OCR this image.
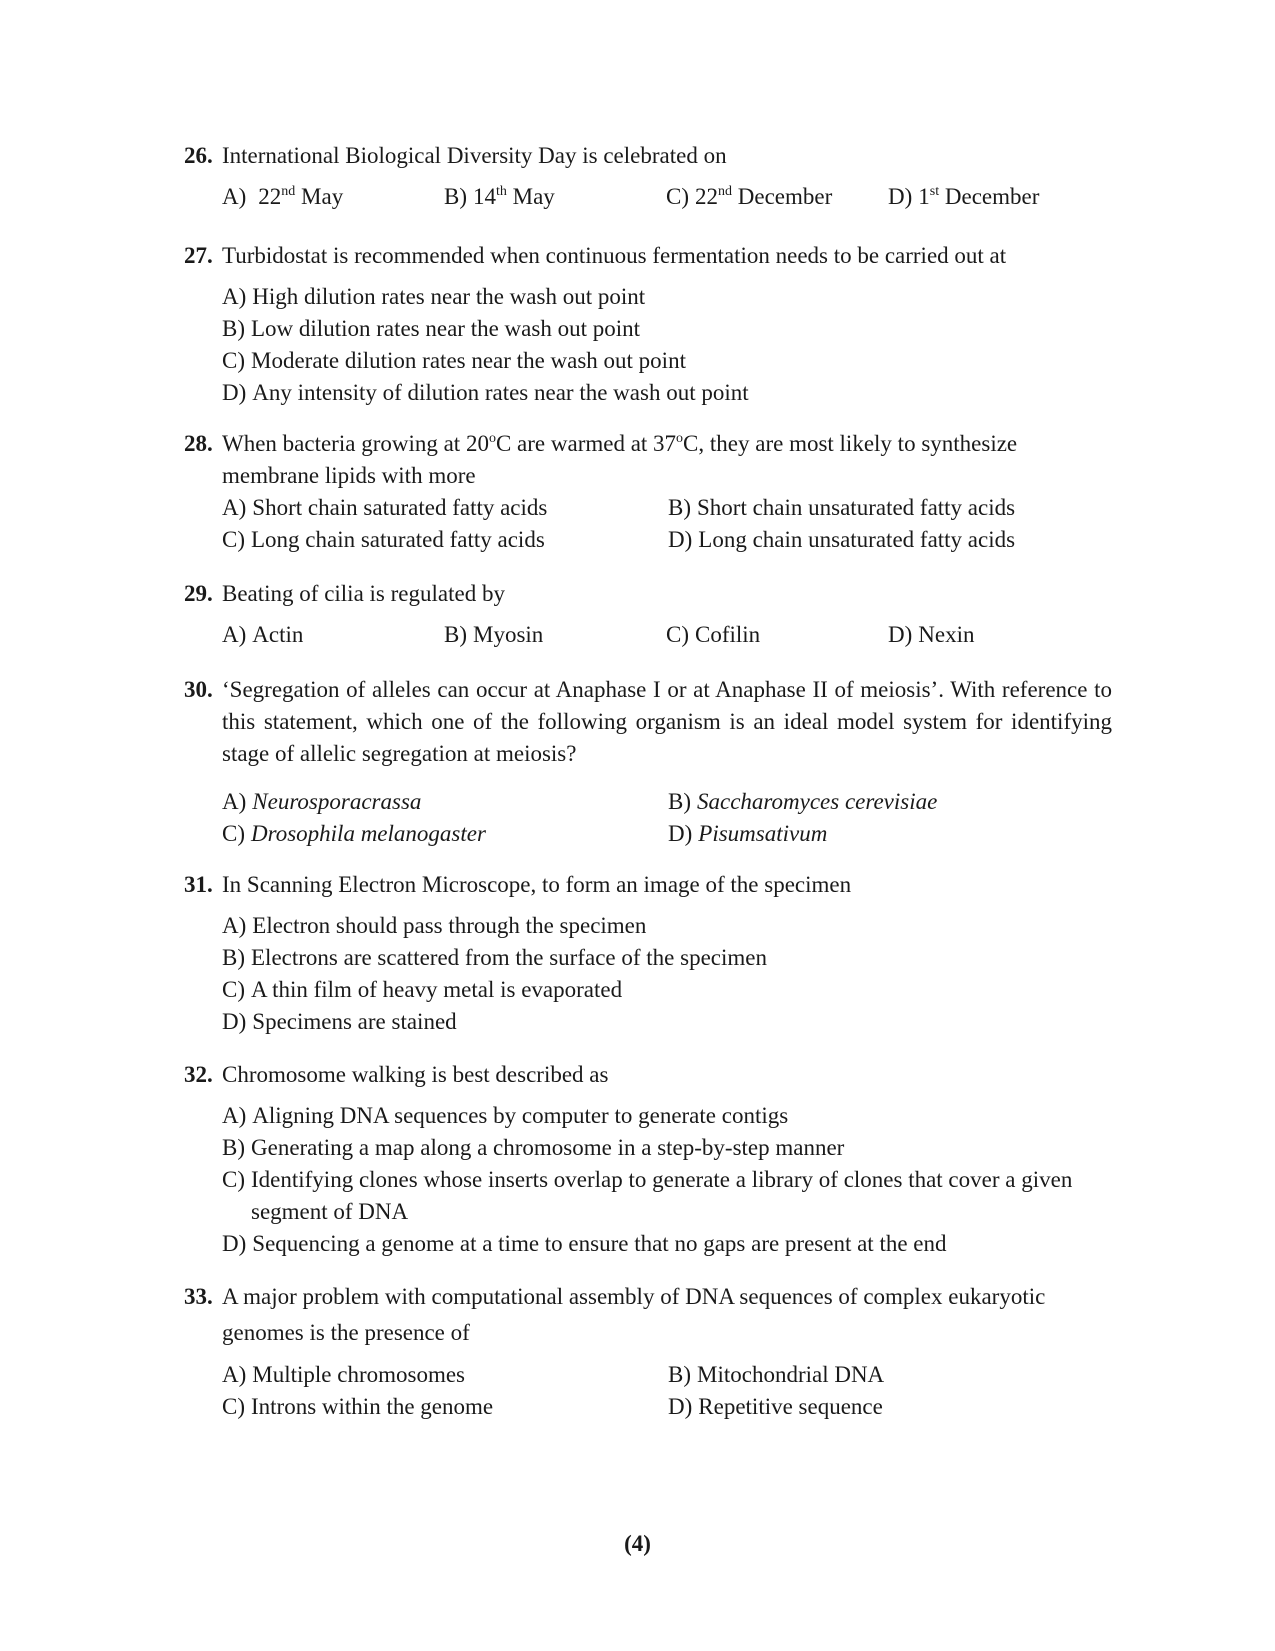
26. International Biological Diversity Day is celebrated on
A) 22nd May	B) 14th May	C) 22nd December D) 1st December
27. Turbidostat is recommended when continuous fermentation needs to be carried out at
A) High dilution rates near the wash out point
B) Low dilution rates near the wash out point
C) Moderate dilution rates near the wash out point
D) Any intensity of dilution rates near the wash out point
28. When bacteria growing at 20$^o$C are warmed at 37$^o$C, they are most likely to synthesize membrane lipids with more
A) Short chain saturated fatty acids	B) Short chain unsaturated fatty acids
C) Long chain saturated fatty acids	D) Long chain unsaturated fatty acids
29. Beating of cilia is regulated by
A) Actin	B) Myosin	C) Cofilin	D) Nexin
30. ‘Segregation of alleles can occur at Anaphase I or at Anaphase II of meiosis’. With reference to this statement, which one of the following organism is an ideal model system for identifying stage of allelic segregation at meiosis?
A) Neurosporacrassa	B) Saccharomyces cerevisiae
C) Drosophila melanogaster	D) Pisumsativum
31. In Scanning Electron Microscope, to form an image of the specimen
A) Electron should pass through the specimen
B) Electrons are scattered from the surface of the specimen
C) A thin film of heavy metal is evaporated
D) Specimens are stained
32. Chromosome walking is best described as
A) Aligning DNA sequences by computer to generate contigs
B) Generating a map along a chromosome in a step-by-step manner
C) Identifying clones whose inserts overlap to generate a library of clones that cover a given segment of DNA
D) Sequencing a genome at a time to ensure that no gaps are present at the end
33. A major problem with computational assembly of DNA sequences of complex eukaryotic
genomes is the presence of
A) Multiple chromosomes	B) Mitochondrial DNA
C) Introns within the genome	D) Repetitive sequence
(4)
